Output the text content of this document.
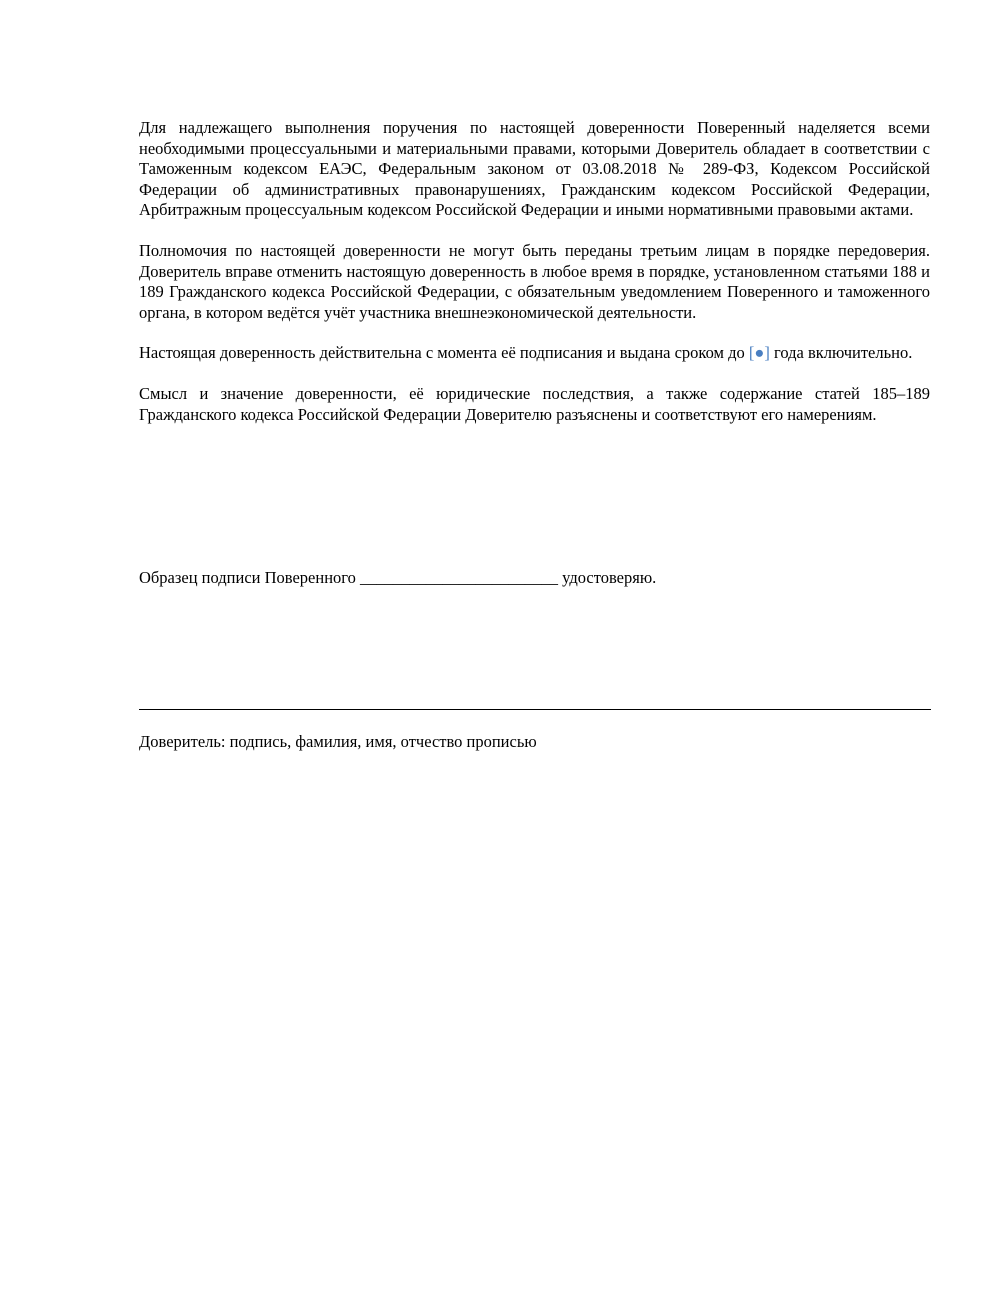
Для надлежащего выполнения поручения по настоящей доверенности Поверенный наделяется всеми необходимыми процессуальными и материальными правами, которыми Доверитель обладает в соответствии с Таможенным кодексом ЕАЭС, Федеральным законом от 03.08.2018 № 289-ФЗ, Кодексом Российской Федерации об административных правонарушениях, Гражданским кодексом Российской Федерации, Арбитражным процессуальным кодексом Российской Федерации и иными нормативными правовыми актами.

Полномочия по настоящей доверенности не могут быть переданы третьим лицам в порядке передоверия. Доверитель вправе отменить настоящую доверенность в любое время в порядке, установленном статьями 188 и 189 Гражданского кодекса Российской Федерации, с обязательным уведомлением Поверенного и таможенного органа, в котором ведётся учёт участника внешнеэкономической деятельности.

Настоящая доверенность действительна с момента её подписания и выдана сроком до [●] года включительно.

Смысл и значение доверенности, её юридические последствия, а также содержание статей 185–189 Гражданского кодекса Российской Федерации Доверителю разъяснены и соответствуют его намерениям.

Образец подписи Поверенного ________________________ удостоверяю.
Доверитель: подпись, фамилия, имя, отчество прописью
